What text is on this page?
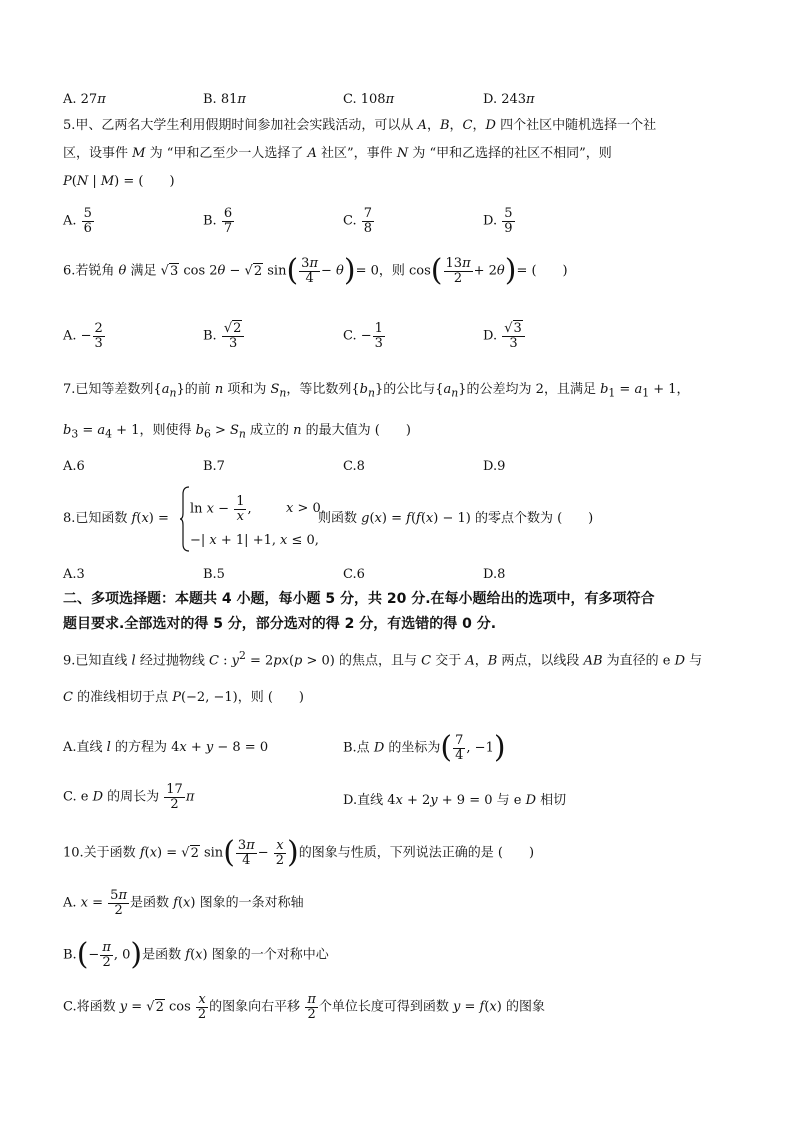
A. 27π	B. 81π	C. 108π	D. 243π
5.甲、乙两名大学生利用假期时间参加社会实践活动，可以从 A，B，C，D 四个社区中随机选择一个社
区，设事件 M 为 “甲和乙至少一人选择了 A 社区”，事件 N 为 “甲和乙选择的社区不相同”，则
P(N | M) = (　　)
A. $\frac{5}{6}$	B. $\frac{6}{7}$	C. $\frac{7}{8}$	D. $\frac{5}{9}$
6.若锐角 θ 满足 √3 cos 2θ − √2 $\sin( \frac{3\pi}{4} - \theta)= 0$，则 $\cos( \frac{13\pi}{2} + 2\theta)=$ (　　)
A. − $\frac{2}{3}$	B. $\frac{√2}{3}$	C. − $\frac{1}{3}$	D. $\frac{√3}{3}$
7.已知等差数列$\{a_n\}$的前 n 项和为 $S_n$，等比数列$\{b_n\}$的公比与$\{a_n\}$的公差均为 2，且满足 $b_1 = a_1 + 1$，
$b_3 = a_4 + 1$，则使得 $b_6 > S_n$ 成立的 n 的最大值为 (　　)
A.6	B.7	C.8	D.9
8.已知函数 f(x) =
$\ln x - \frac{1}{x}$ ,	x > 0,
−| x + 1| +1, x ≤ 0,
则函数 g(x) = f(f(x) − 1) 的零点个数为 (　　)
A.3	B.5	C.6	D.8
二、多项选择题：本题共 4 小题，每小题 5 分，共 20 分.在每小题给出的选项中，有多项符合
题目要求.全部选对的得 5 分，部分选对的得 2 分，有选错的得 0 分.
9.已知直线 l 经过抛物线 C : $y^2 = 2px(p > 0)$ 的焦点，且与 C 交于 A，B 两点，以线段 AB 为直径的 e D 与
C 的准线相切于点 P(−2, −1)，则 (　　)
A.直线 l 的方程为 4x + y − 8 = 0	B.点 D 的坐标为( $\frac{7}{4}$ , −1)
C. e D 的周长为 $\frac{17}{2}$ π	D.直线 4x + 2y + 9 = 0 与 e D 相切
10.关于函数 f(x) = √2 $\sin( \frac{3\pi}{4} - \frac{x}{2}$ )的图象与性质，下列说法正确的是 (　　)
A. $x = \frac{5\pi}{2}$ 是函数 f(x) 图象的一条对称轴
$B.(- \frac{\pi}{2}$ , 0)是函数 f(x) 图象的一个对称中心
C.将函数 y = √2 $\cos \frac{x}{2}$ 的图象向右平移 $\frac{\pi}{2}$ 个单位长度可得到函数 y = f(x) 的图象
